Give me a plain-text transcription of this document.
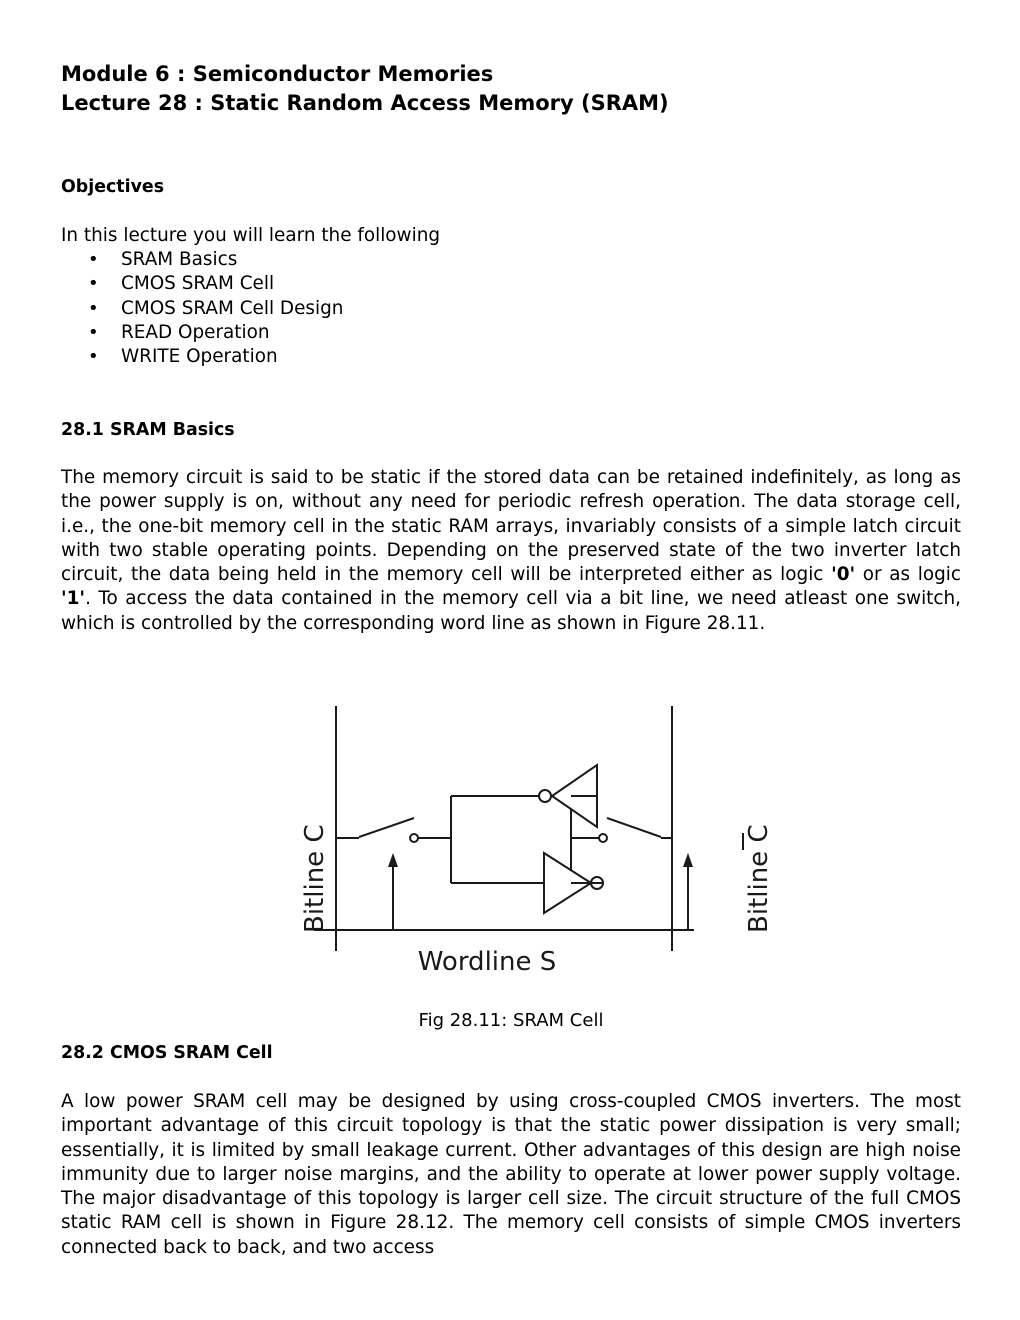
Module 6 : Semiconductor Memories

Lecture 28 : Static Random Access Memory (SRAM)

Objectives

In this lecture you will learn the following

• SRAM Basics
• CMOS SRAM Cell
• CMOS SRAM Cell Design
• READ Operation
• WRITE Operation

28.1 SRAM Basics

The memory circuit is said to be static if the stored data can be retained indefinitely, as long as the power supply is on, without any need for periodic refresh operation. The data storage cell, i.e., the one-bit memory cell in the static RAM arrays, invariably consists of a simple latch circuit with two stable operating points. Depending on the preserved state of the two inverter latch circuit, the data being held in the memory cell will be interpreted either as logic '0' or as logic '1'. To access the data contained in the memory cell via a bit line, we need atleast one switch, which is controlled by the corresponding word line as shown in Figure 28.11.

Bitline C	Bitline C
Wordline S

Fig 28.11: SRAM Cell

28.2 CMOS SRAM Cell

A low power SRAM cell may be designed by using cross-coupled CMOS inverters. The most important advantage of this circuit topology is that the static power dissipation is very small; essentially, it is limited by small leakage current. Other advantages of this design are high noise immunity due to larger noise margins, and the ability to operate at lower power supply voltage. The major disadvantage of this topology is larger cell size. The circuit structure of the full CMOS static RAM cell is shown in Figure 28.12. The memory cell consists of simple CMOS inverters connected back to back, and two access
